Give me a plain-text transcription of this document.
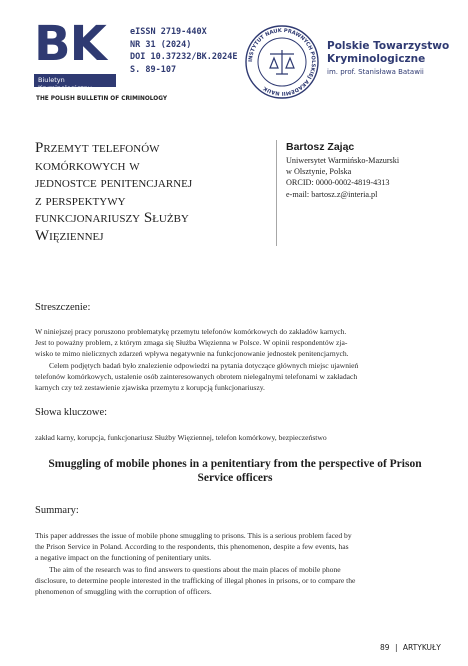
BK
Biuletyn Kryminologiczny
eISSN 2719-440X
NR 31 (2024)
DOI 10.37232/BK.2024E
S. 89-107
THE POLISH BULLETIN OF CRIMINOLOGY
INSTYTUT NAUK PRAWNYCH POLSKIEJ AKADEMII NAUK
Polskie Towarzystwo
Kryminologiczne
im. prof. Stanisława Batawii
Przemyt telefonów
komórkowych w
jednostce penitencjarnej
z perspektywy
funkcjonariuszy Służby
Więziennej
Bartosz Zając
Uniwersytet Warmińsko-Mazurski
w Olsztynie, Polska
ORCID: 0000-0002-4819-4313
e-mail: bartosz.z@interia.pl
Streszczenie:
W niniejszej pracy poruszono problematykę przemytu telefonów komórkowych do zakładów karnych.
Jest to poważny problem, z którym zmaga się Służba Więzienna w Polsce. W opinii respondentów zja-
wisko te mimo nielicznych zdarzeń wpływa negatywnie na funkcjonowanie jednostek penitencjarnych.
Celem podjętych badań było znalezienie odpowiedzi na pytania dotyczące głównych miejsc ujawnień
telefonów komórkowych, ustalenie osób zainteresowanych obrotem nielegalnymi telefonami w zakładach
karnych czy też zestawienie zjawiska przemytu z korupcją funkcjonariuszy.
Słowa kluczowe:
zakład karny, korupcja, funkcjonariusz Służby Więziennej, telefon komórkowy, bezpieczeństwo
Smuggling of mobile phones in a penitentiary from the perspective of Prison
Service officers
Summary:
This paper addresses the issue of mobile phone smuggling to prisons. This is a serious problem faced by
the Prison Service in Poland. According to the respondents, this phenomenon, despite a few events, has
a negative impact on the functioning of penitentiary units.
The aim of the research was to find answers to questions about the main places of mobile phone
disclosure, to determine people interested in the trafficking of illegal phones in prisons, or to compare the
phenomenon of smuggling with the corruption of officers.
89 | ARTYKUŁY
